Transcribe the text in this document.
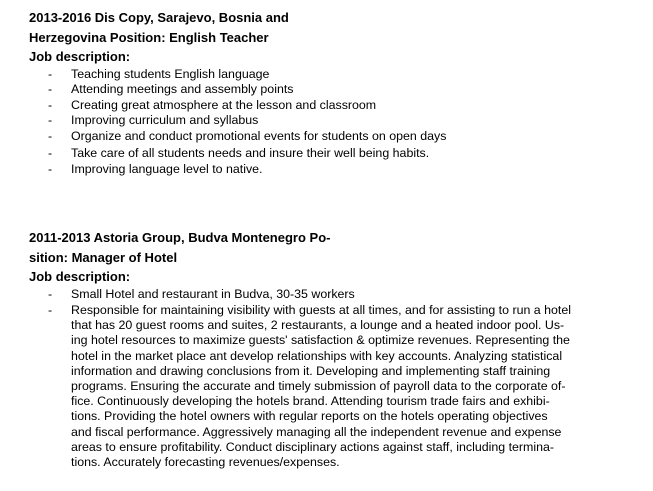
2013-2016 Dis Copy, Sarajevo, Bosnia and
Herzegovina Position: English Teacher
Job description:

- Teaching students English language
- Attending meetings and assembly points
- Creating great atmosphere at the lesson and classroom
- Improving curriculum and syllabus
- Organize and conduct promotional events for students on open days
- Take care of all students needs and insure their well being habits.
- Improving language level to native.

2011-2013 Astoria Group, Budva Montenegro Po-
sition: Manager of Hotel
Job description:

- Small Hotel and restaurant in Budva, 30-35 workers
- Responsible for maintaining visibility with guests at all times, and for assisting to run a hotel
that has 20 guest rooms and suites, 2 restaurants, a lounge and a heated indoor pool. Us-
ing hotel resources to maximize guests' satisfaction & optimize revenues. Representing the
hotel in the market place ant develop relationships with key accounts. Analyzing statistical
information and drawing conclusions from it. Developing and implementing staff training
programs. Ensuring the accurate and timely submission of payroll data to the corporate of-
fice. Continuously developing the hotels brand. Attending tourism trade fairs and exhibi-
tions. Providing the hotel owners with regular reports on the hotels operating objectives
and fiscal performance. Aggressively managing all the independent revenue and expense
areas to ensure profitability. Conduct disciplinary actions against staff, including termina-
tions. Accurately forecasting revenues/expenses.
